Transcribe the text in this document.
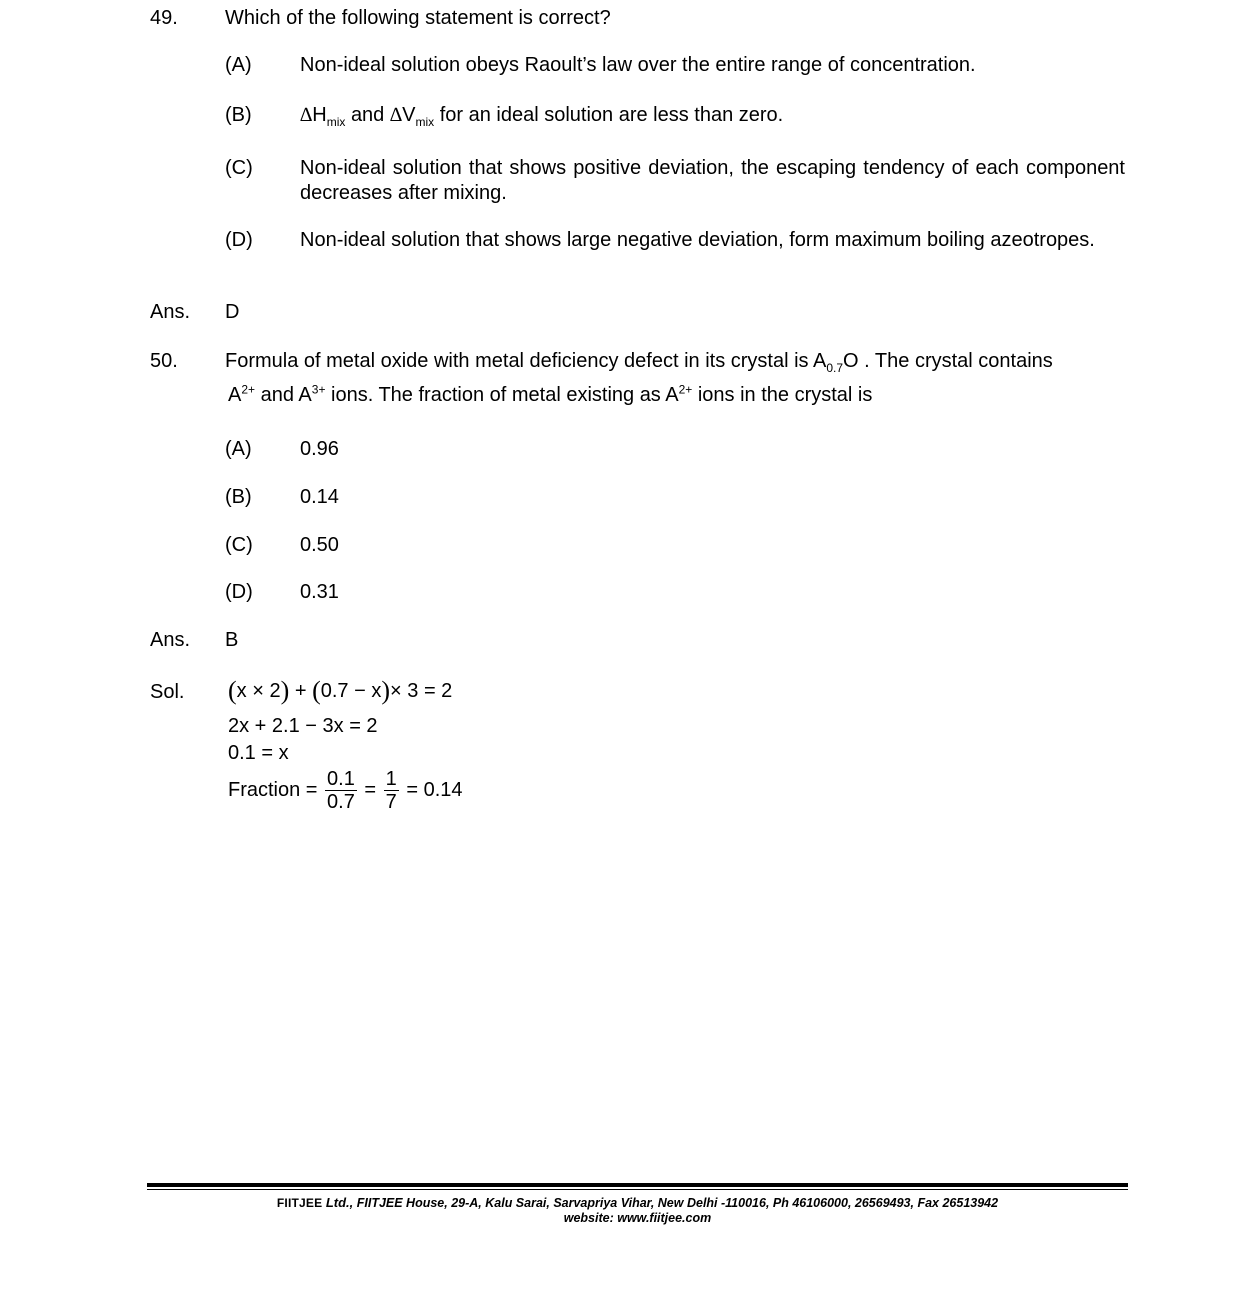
49. Which of the following statement is correct?
(A) Non-ideal solution obeys Raoult’s law over the entire range of concentration.
(B) $\Delta H_{mix}$ and $\Delta V_{mix}$ for an ideal solution are less than zero.
(C) Non-ideal solution that shows positive deviation, the escaping tendency of each component decreases after mixing.
(D) Non-ideal solution that shows large negative deviation, form maximum boiling azeotropes.
Ans. D
50. Formula of metal oxide with metal deficiency defect in its crystal is $A_{0.7}O$ . The crystal contains
$A^{2+}$ and $A^{3+}$ ions. The fraction of metal existing as $A^{2+}$ ions in the crystal is
(A) 0.96
(B) 0.14
(C) 0.50
(D) 0.31
Ans. B
Sol. (x × 2) + (0.7 − x)× 3 = 2
2x + 2.1 − 3x = 2
0.1 = x
Fraction = $\frac{0.1}{0.7} = \frac{1}{7} = 0.14$
FIITJEE Ltd., FIITJEE House, 29-A, Kalu Sarai, Sarvapriya Vihar, New Delhi -110016, Ph 46106000, 26569493, Fax 26513942
website: www.fiitjee.com
